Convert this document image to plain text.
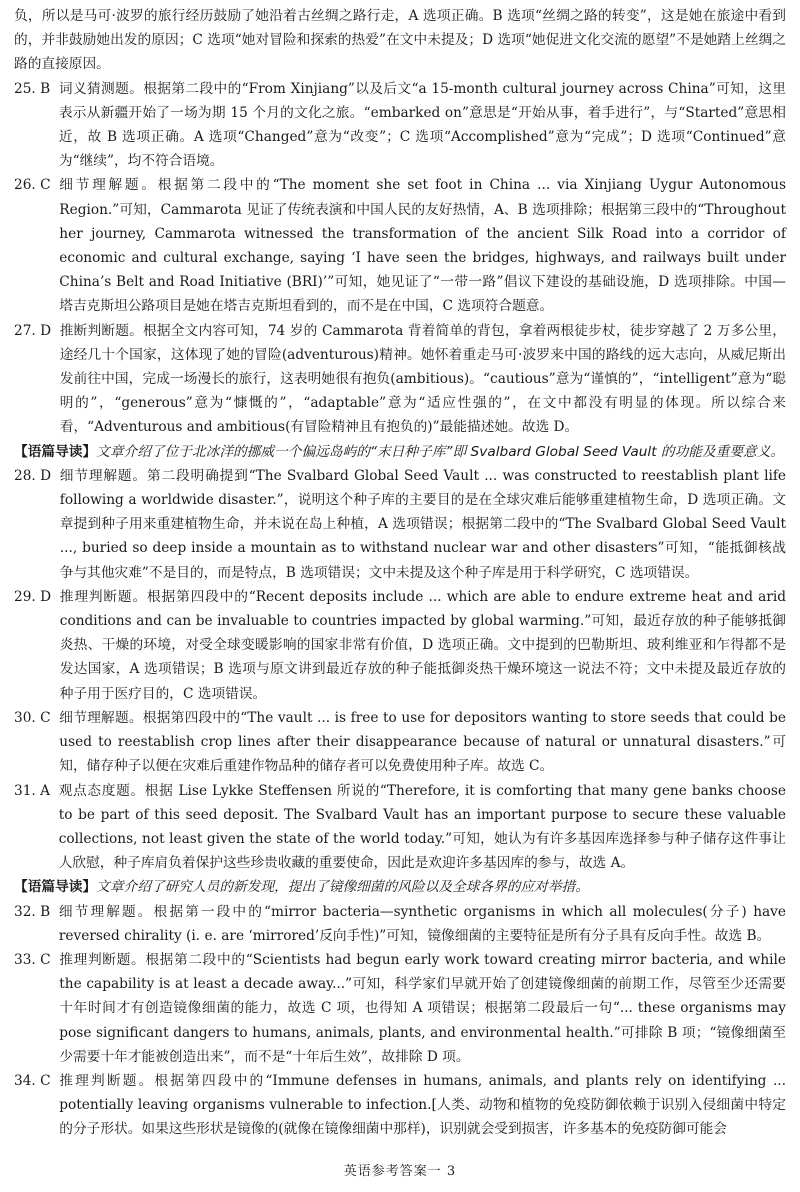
负，所以是马可·波罗的旅行经历鼓励了她沿着古丝绸之路行走，A 选项正确。B 选项“丝绸之路的转变”，这是她在旅途中看到的，并非鼓励她出发的原因；C 选项“她对冒险和探索的热爱”在文中未提及；D 选项“她促进文化交流的愿望”不是她踏上丝绸之路的直接原因。

25. B 词义猜测题。根据第二段中的“From Xinjiang”以及后文“a 15-month cultural journey across China”可知，这里表示从新疆开始了一场为期 15 个月的文化之旅。“embarked on”意思是“开始从事，着手进行”，与“Started”意思相近，故 B 选项正确。A 选项“Changed”意为“改变”；C 选项“Accomplished”意为“完成”；D 选项“Continued”意为“继续”，均不符合语境。
26. C 细节理解题。根据第二段中的“The moment she set foot in China ... via Xinjiang Uygur Autonomous Region.”可知，Cammarota 见证了传统表演和中国人民的友好热情，A、B 选项排除；根据第三段中的“Throughout her journey, Cammarota witnessed the transformation of the ancient Silk Road into a corridor of economic and cultural exchange, saying ‘I have seen the bridges, highways, and railways built under China’s Belt and Road Initiative (BRI)’”可知，她见证了“一带一路”倡议下建设的基础设施，D 选项排除。中国—塔吉克斯坦公路项目是她在塔吉克斯坦看到的，而不是在中国，C 选项符合题意。
27. D 推断判断题。根据全文内容可知，74 岁的 Cammarota 背着简单的背包，拿着两根徒步杖，徒步穿越了 2 万多公里，途经几十个国家，这体现了她的冒险(adventurous)精神。她怀着重走马可·波罗来中国的路线的远大志向，从威尼斯出发前往中国，完成一场漫长的旅行，这表明她很有抱负(ambitious)。“cautious”意为“谨慎的”，“intelligent”意为“聪明的”，“generous”意为“慷慨的”，“adaptable”意为“适应性强的”，在文中都没有明显的体现。所以综合来看，“Adventurous and ambitious(有冒险精神且有抱负的)”最能描述她。故选 D。

【语篇导读】文章介绍了位于北冰洋的挪威一个偏远岛屿的“末日种子库”即 Svalbard Global Seed Vault 的功能及重要意义。

28. D 细节理解题。第二段明确提到“The Svalbard Global Seed Vault ... was constructed to reestablish plant life following a worldwide disaster.”，说明这个种子库的主要目的是在全球灾难后能够重建植物生命，D 选项正确。文章提到种子用来重建植物生命，并未说在岛上种植，A 选项错误；根据第二段中的“The Svalbard Global Seed Vault ..., buried so deep inside a mountain as to withstand nuclear war and other disasters”可知，“能抵御核战争与其他灾难”不是目的，而是特点，B 选项错误；文中未提及这个种子库是用于科学研究，C 选项错误。
29. D 推理判断题。根据第四段中的“Recent deposits include ... which are able to endure extreme heat and arid conditions and can be invaluable to countries impacted by global warming.”可知，最近存放的种子能够抵御炎热、干燥的环境，对受全球变暖影响的国家非常有价值，D 选项正确。文中提到的巴勒斯坦、玻利维亚和乍得都不是发达国家，A 选项错误；B 选项与原文讲到最近存放的种子能抵御炎热干燥环境这一说法不符；文中未提及最近存放的种子用于医疗目的，C 选项错误。
30. C 细节理解题。根据第四段中的“The vault ... is free to use for depositors wanting to store seeds that could be used to reestablish crop lines after their disappearance because of natural or unnatural disasters.”可知，储存种子以便在灾难后重建作物品种的储存者可以免费使用种子库。故选 C。
31. A 观点态度题。根据 Lise Lykke Steffensen 所说的“Therefore, it is comforting that many gene banks choose to be part of this seed deposit. The Svalbard Vault has an important purpose to secure these valuable collections, not least given the state of the world today.”可知，她认为有许多基因库选择参与种子储存这件事让人欣慰，种子库肩负着保护这些珍贵收藏的重要使命，因此是欢迎许多基因库的参与，故选 A。

【语篇导读】文章介绍了研究人员的新发现，提出了镜像细菌的风险以及全球各界的应对举措。

32. B 细节理解题。根据第一段中的“mirror bacteria—synthetic organisms in which all molecules(分子) have reversed chirality (i. e. are ‘mirrored’反向手性)”可知，镜像细菌的主要特征是所有分子具有反向手性。故选 B。
33. C 推理判断题。根据第二段中的“Scientists had begun early work toward creating mirror bacteria, and while the capability is at least a decade away...”可知，科学家们早就开始了创建镜像细菌的前期工作，尽管至少还需要十年时间才有创造镜像细菌的能力，故选 C 项，也得知 A 项错误；根据第二段最后一句“... these organisms may pose significant dangers to humans, animals, plants, and environmental health.”可排除 B 项；“镜像细菌至少需要十年才能被创造出来”，而不是“十年后生效”，故排除 D 项。
34. C 推理判断题。根据第四段中的“Immune defenses in humans, animals, and plants rely on identifying ... potentially leaving organisms vulnerable to infection.[人类、动物和植物的免疫防御依赖于识别入侵细菌中特定的分子形状。如果这些形状是镜像的(就像在镜像细菌中那样)，识别就会受到损害，许多基本的免疫防御可能会
英语参考答案一 3
